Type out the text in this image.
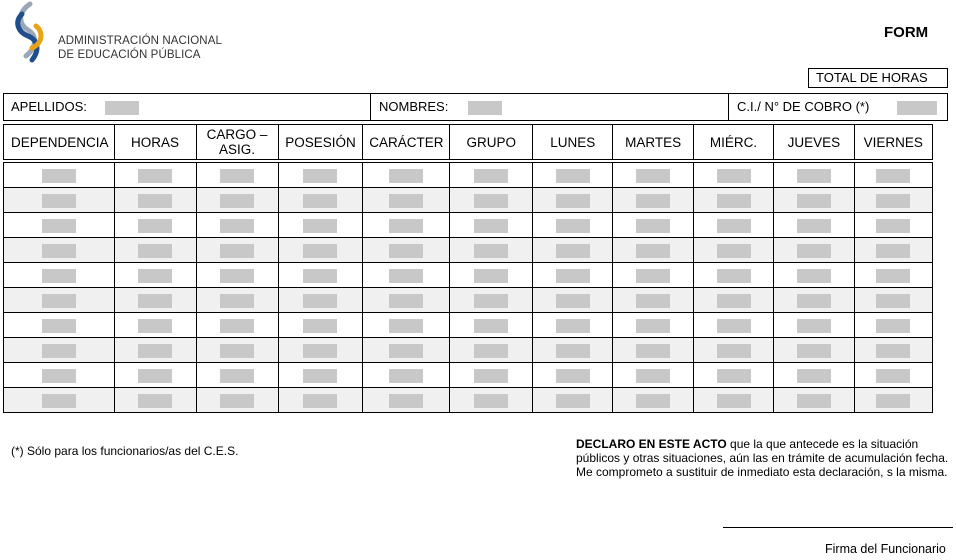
ADMINISTRACIÓN NACIONAL
DE EDUCACIÓN PÚBLICA
FORM
TOTAL DE HORAS
APELLIDOS:	NOMBRES:	C.I./ N° DE COBRO (*)
DEPENDENCIA	HORAS	CARGO – ASIG.	POSESIÓN	CARÁCTER	GRUPO	LUNES	MARTES	MIÉRC.	JUEVES	VIERNES

(*) Sólo para los funcionarios/as del C.E.S.	DECLARO EN ESTE ACTO que la que antecede es la situación públicos y otras situaciones, aún las en trámite de acumulación fecha. Me comprometo a sustituir de inmediato esta declaración, s la misma.
Firma del Funcionario
